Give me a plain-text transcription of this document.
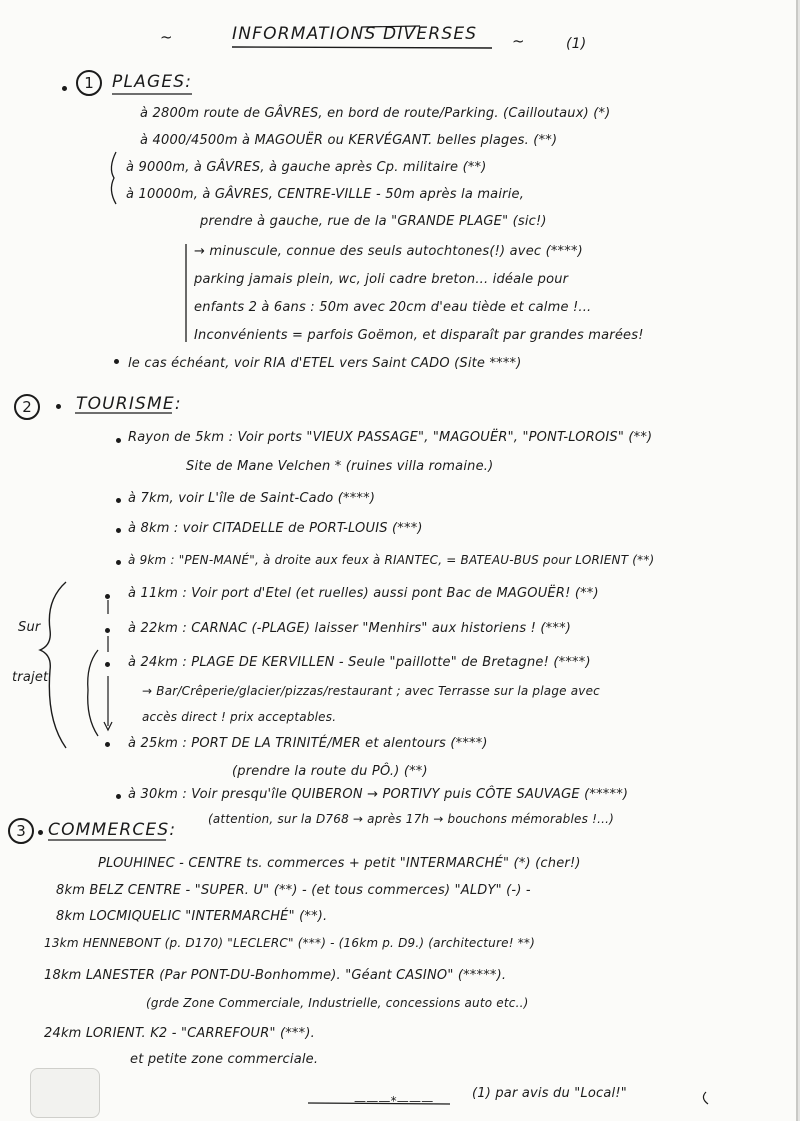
~	INFORMATIONS DIVERSES ~	(1)
1	PLAGES:
à 2800m route de GÂVRES, en bord de route/Parking. (Cailloutaux) (*)
à 4000/4500m à MAGOUËR ou KERVÉGANT. belles plages. (**)
à 9000m, à GÂVRES, à gauche après Cp. militaire (**)
à 10000m, à GÂVRES, CENTRE-VILLE - 50m après la mairie,
prendre à gauche, rue de la "GRANDE PLAGE" (sic!)
→ minuscule, connue des seuls autochtones(!) avec (****)
parking jamais plein, wc, joli cadre breton... idéale pour
enfants 2 à 6ans : 50m avec 20cm d'eau tiède et calme !...
Inconvénients = parfois Goëmon, et disparaît par grandes marées!
le cas échéant, voir RIA d'ETEL vers Saint CADO (Site ****)
2	TOURISME:
Rayon de 5km : Voir ports "VIEUX PASSAGE", "MAGOUËR", "PONT-LOROIS" (**)
Site de Mane Velchen * (ruines villa romaine.)
à 7km, voir L'île de Saint-Cado (****)
à 8km : voir CITADELLE de PORT-LOUIS (***)
à 9km : "PEN-MANÉ", à droite aux feux à RIANTEC, = BATEAU-BUS pour LORIENT (**)
Sur
trajet
à 11km : Voir port d'Etel (et ruelles) aussi pont Bac de MAGOUËR! (**)
à 22km : CARNAC (-PLAGE) laisser "Menhirs" aux historiens ! (***)
à 24km : PLAGE DE KERVILLEN - Seule "paillotte" de Bretagne! (****)
→ Bar/Crêperie/glacier/pizzas/restaurant ; avec Terrasse sur la plage avec
accès direct ! prix acceptables.
à 25km : PORT DE LA TRINITÉ/MER et alentours (****)
(prendre la route du PÔ.) (**)
à 30km : Voir presqu'île QUIBERON → PORTIVY puis CÔTE SAUVAGE (*****)
(attention, sur la D768 → après 17h → bouchons mémorables !...)
3	COMMERCES:
PLOUHINEC - CENTRE ts. commerces + petit "INTERMARCHÉ" (*) (cher!)
8km BELZ CENTRE - "SUPER. U" (**) - (et tous commerces) "ALDY" (-) -
8km LOCMIQUELIC "INTERMARCHÉ" (**).
13km HENNEBONT (p. D170) "LECLERC" (***) - (16km p. D9.) (architecture! **)
18km LANESTER (Par PONT-DU-Bonhomme). "Géant CASINO" (*****).
(grde Zone Commerciale, Industrielle, concessions auto etc..)
24km LORIENT. K2 - "CARREFOUR" (***).
et petite zone commerciale.
———*———	(1) par avis du "Local!"
